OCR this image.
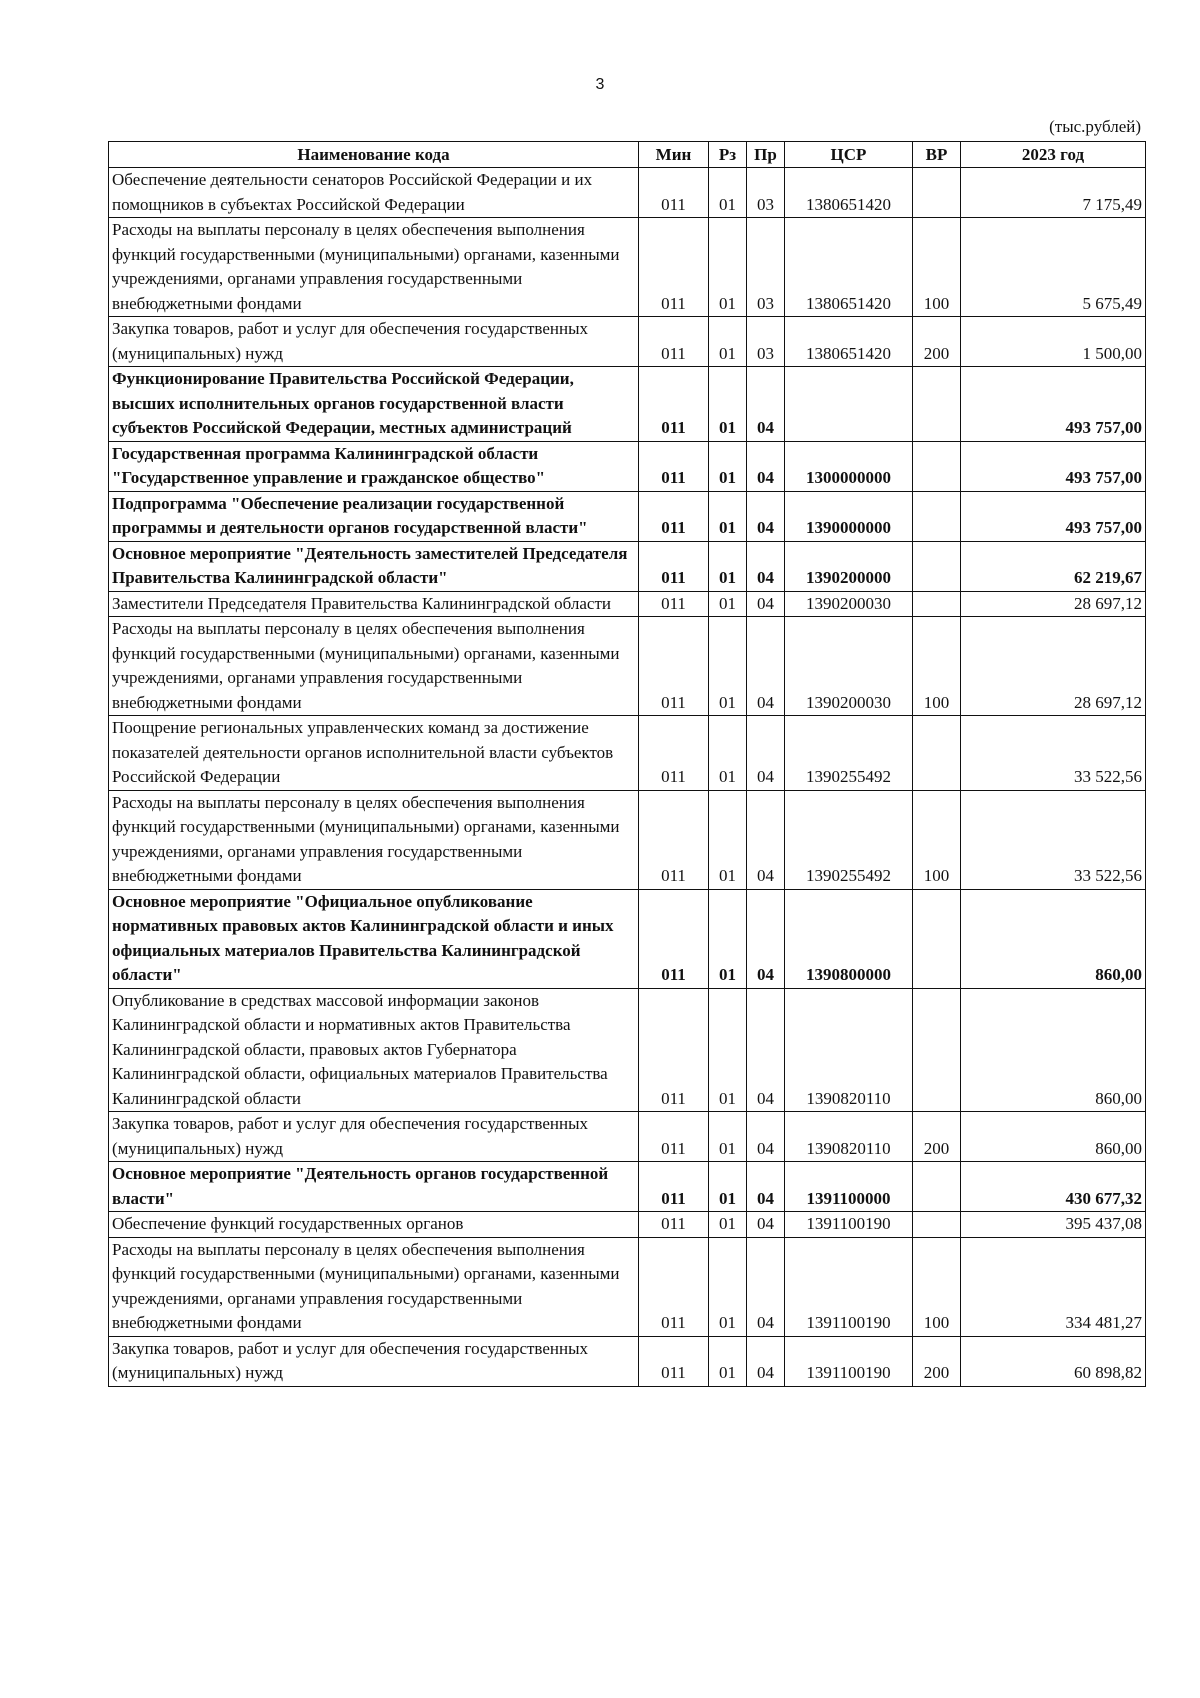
3
(тыс.рублей)
Наименование кода	Мин	Рз	Пр	ЦСР	ВР	2023 год
Обеспечение деятельности сенаторов Российской Федерации и их помощников в субъектах Российской Федерации	011	01	03	1380651420		7 175,49
Расходы на выплаты персоналу в целях обеспечения выполнения функций государственными (муниципальными) органами, казенными учреждениями, органами управления государственными внебюджетными фондами	011	01	03	1380651420	100	5 675,49
Закупка товаров, работ и услуг для обеспечения государственных (муниципальных) нужд	011	01	03	1380651420	200	1 500,00
Функционирование Правительства Российской Федерации, высших исполнительных органов государственной власти субъектов Российской Федерации, местных администраций	011	01	04			493 757,00
Государственная программа Калининградской области "Государственное управление и гражданское общество"	011	01	04	1300000000		493 757,00
Подпрограмма "Обеспечение реализации государственной программы и деятельности органов государственной власти"	011	01	04	1390000000		493 757,00
Основное мероприятие "Деятельность заместителей Председателя Правительства Калининградской области"	011	01	04	1390200000		62 219,67
Заместители Председателя Правительства Калининградской области	011	01	04	1390200030		28 697,12
Расходы на выплаты персоналу в целях обеспечения выполнения функций государственными (муниципальными) органами, казенными учреждениями, органами управления государственными внебюджетными фондами	011	01	04	1390200030	100	28 697,12
Поощрение региональных управленческих команд за достижение показателей деятельности органов исполнительной власти субъектов Российской Федерации	011	01	04	1390255492		33 522,56
Расходы на выплаты персоналу в целях обеспечения выполнения функций государственными (муниципальными) органами, казенными учреждениями, органами управления государственными внебюджетными фондами	011	01	04	1390255492	100	33 522,56
Основное мероприятие "Официальное опубликование нормативных правовых актов Калининградской области и иных официальных материалов Правительства Калининградской области"	011	01	04	1390800000		860,00
Опубликование в средствах массовой информации законов Калининградской области и нормативных актов Правительства Калининградской области, правовых актов Губернатора Калининградской области, официальных материалов Правительства Калининградской области	011	01	04	1390820110		860,00
Закупка товаров, работ и услуг для обеспечения государственных (муниципальных) нужд	011	01	04	1390820110	200	860,00
Основное мероприятие "Деятельность органов государственной власти"	011	01	04	1391100000		430 677,32
Обеспечение функций государственных органов	011	01	04	1391100190		395 437,08
Расходы на выплаты персоналу в целях обеспечения выполнения функций государственными (муниципальными) органами, казенными учреждениями, органами управления государственными внебюджетными фондами	011	01	04	1391100190	100	334 481,27
Закупка товаров, работ и услуг для обеспечения государственных (муниципальных) нужд	011	01	04	1391100190	200	60 898,82
